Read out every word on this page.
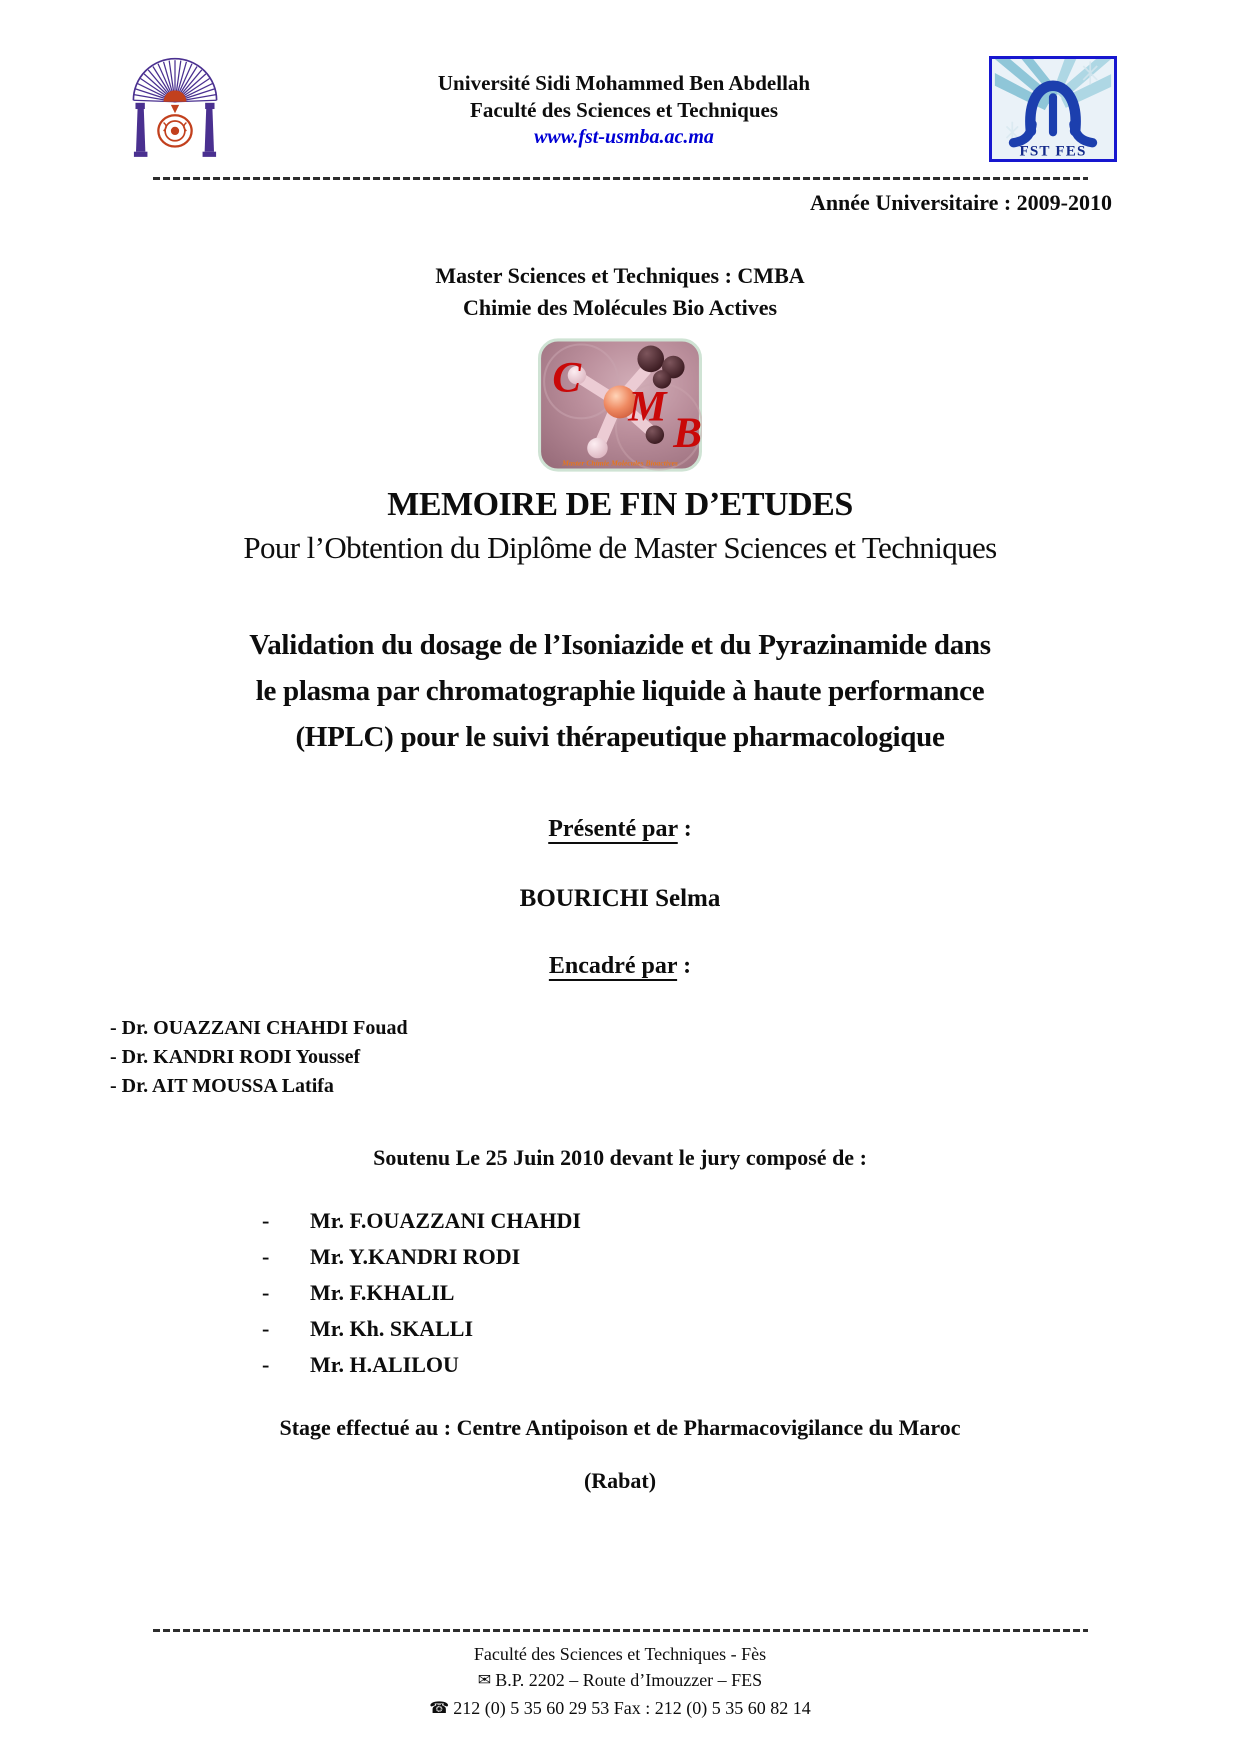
Université Sidi Mohammed Ben Abdellah
Faculté des Sciences et Techniques
www.fst-usmba.ac.ma
FST FES
Année Universitaire : 2009-2010
Master Sciences et Techniques : CMBA
Chimie des Molécules Bio Actives
C
M
B
Master Chimie Molécules Bioactives
MEMOIRE DE FIN D’ETUDES
Pour l’Obtention du Diplôme de Master Sciences et Techniques
Validation du dosage de l’Isoniazide et du Pyrazinamide dans
le plasma par chromatographie liquide à haute performance
(HPLC) pour le suivi thérapeutique pharmacologique
Présenté par :
BOURICHI Selma
Encadré par :
- Dr. OUAZZANI CHAHDI Fouad
- Dr. KANDRI RODI Youssef
- Dr. AIT MOUSSA Latifa
Soutenu Le 25 Juin 2010 devant le jury composé de :
-	Mr. F.OUAZZANI CHAHDI
-	Mr. Y.KANDRI RODI
-	Mr. F.KHALIL
-	Mr. Kh. SKALLI
-	Mr. H.ALILOU
Stage effectué au : Centre Antipoison et de Pharmacovigilance du Maroc
(Rabat)
Faculté des Sciences et Techniques - Fès
✉ B.P. 2202 – Route d’Imouzzer – FES
☎ 212 (0) 5 35 60 29 53 Fax : 212 (0) 5 35 60 82 14
